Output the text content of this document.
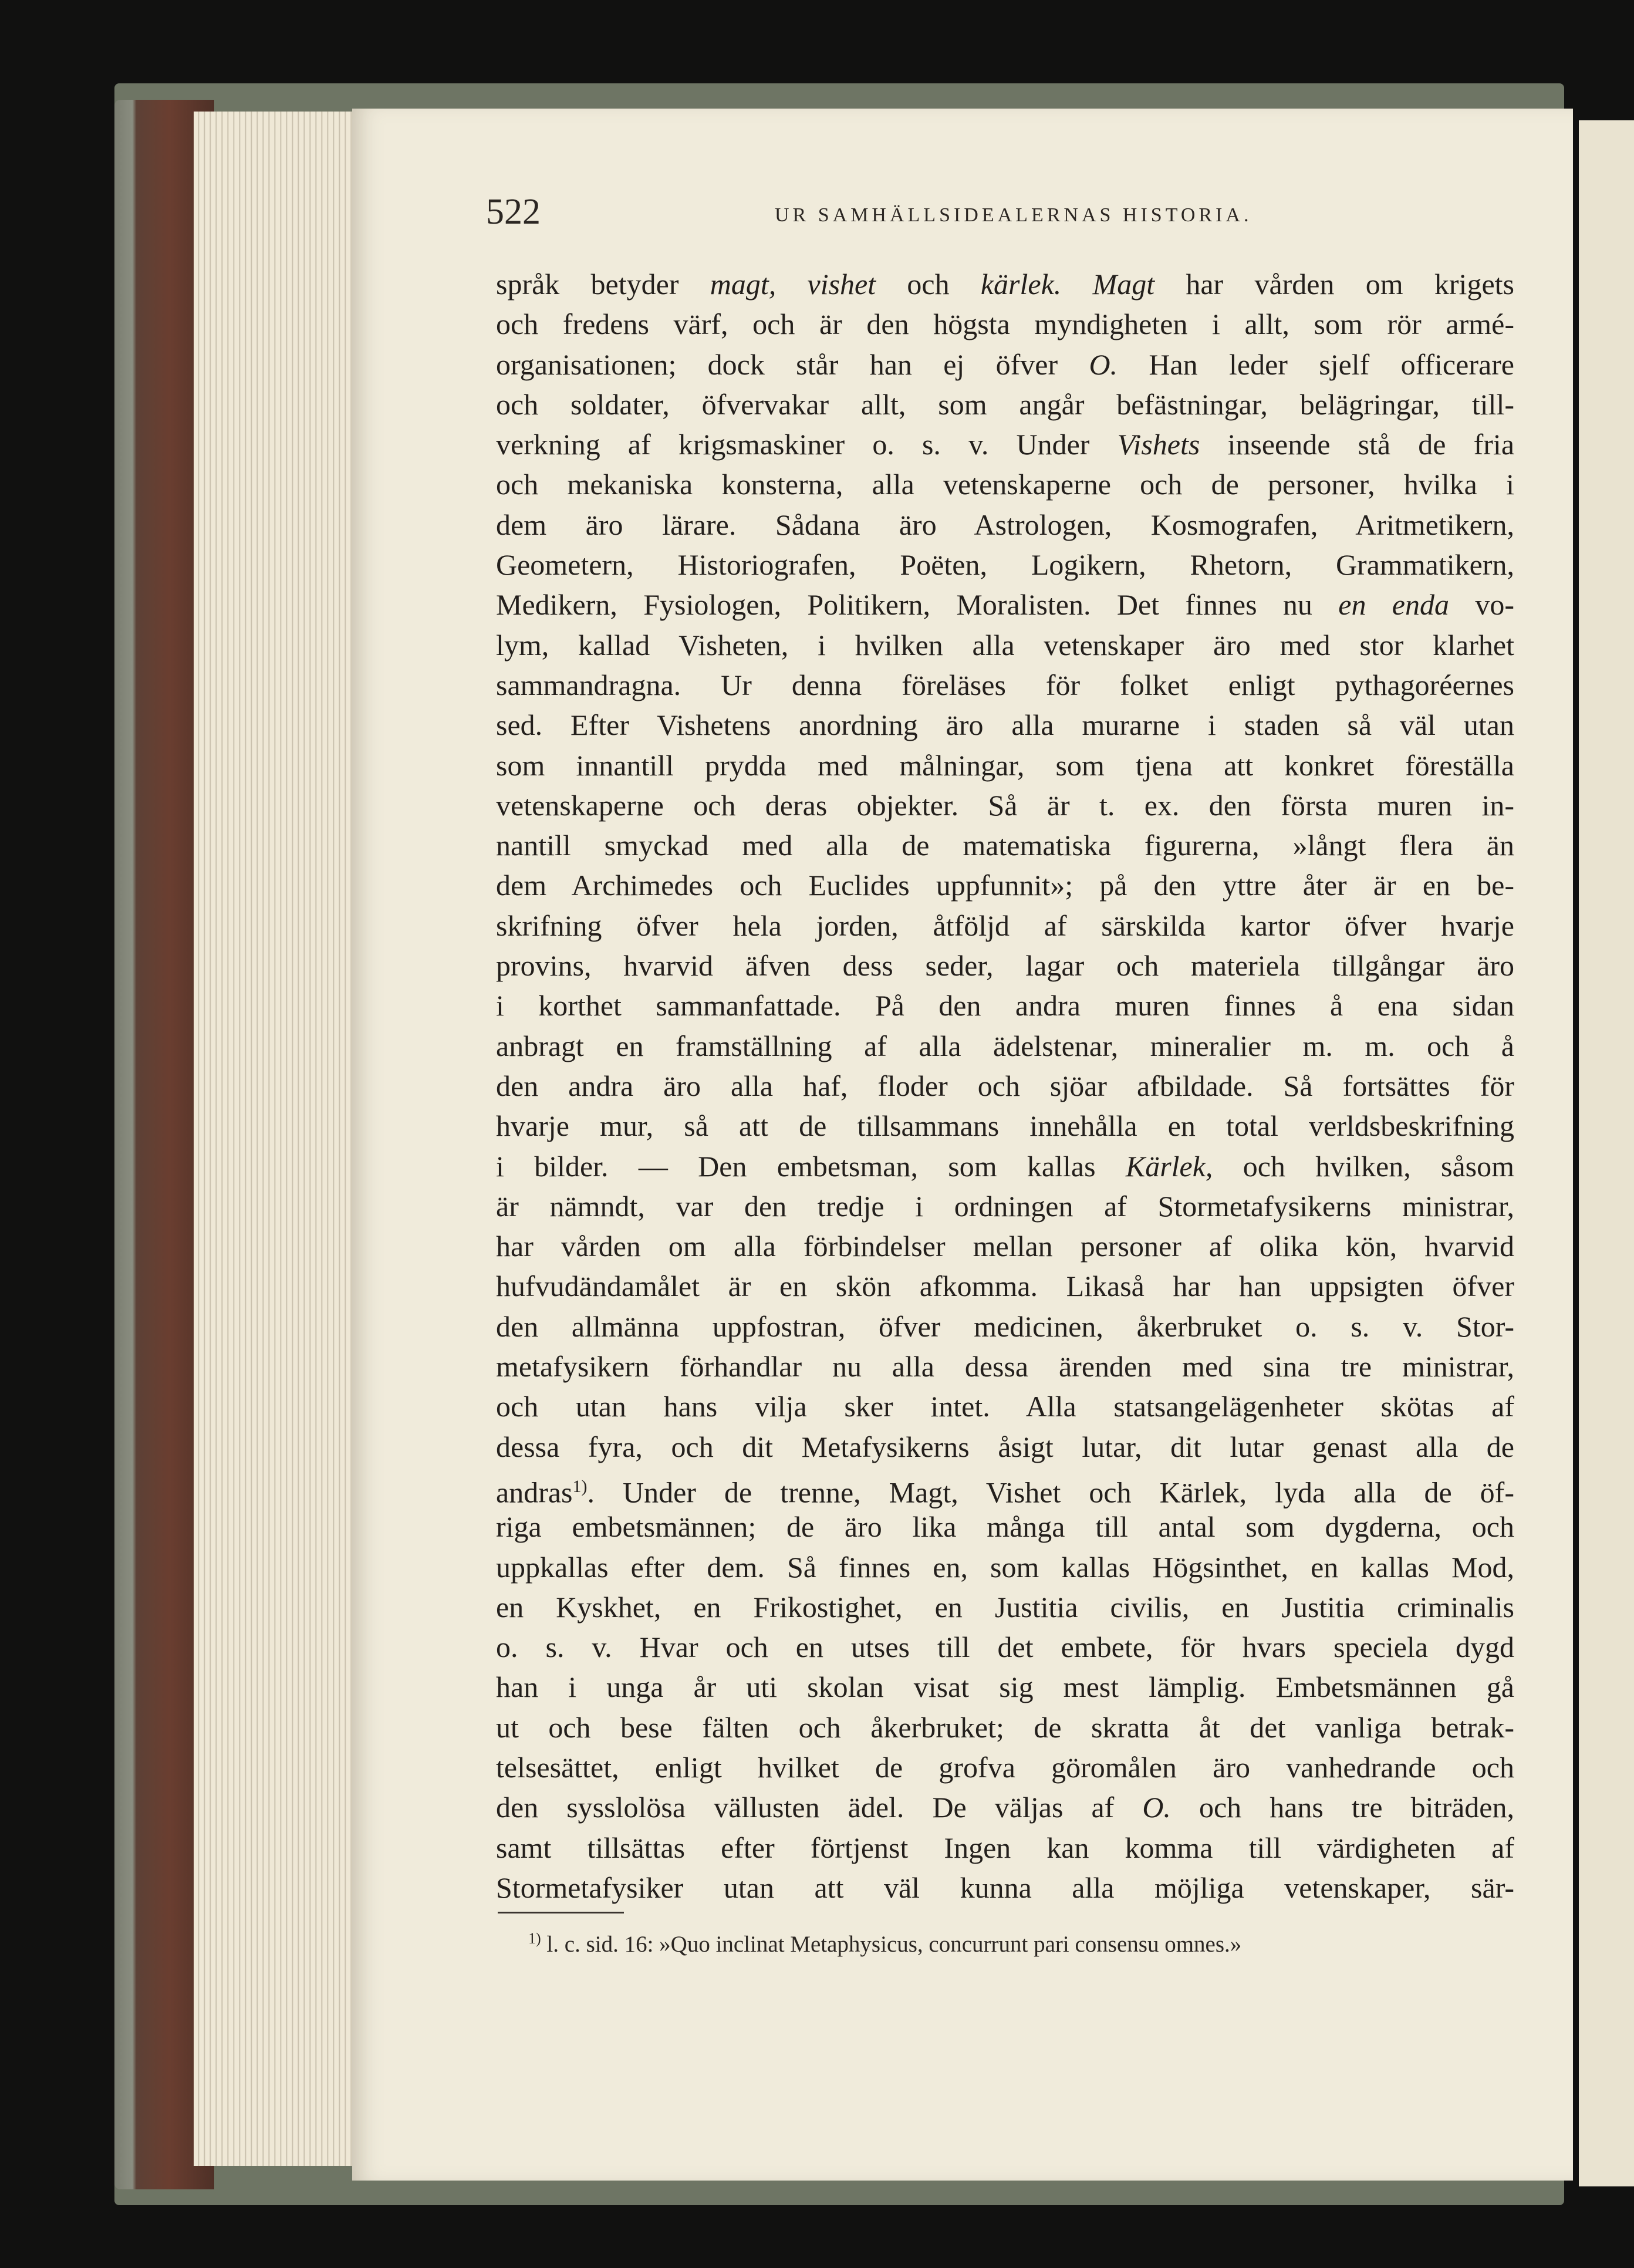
522	UR SAMHÄLLSIDEALERNAS HISTORIA.
språk betyder magt, vishet och kärlek. Magt har vården om krigets
och fredens värf, och är den högsta myndigheten i allt, som rör armé-
organisationen; dock står han ej öfver O. Han leder sjelf officerare
och soldater, öfvervakar allt, som angår befästningar, belägringar, till-
verkning af krigsmaskiner o. s. v. Under Vishets inseende stå de fria
och mekaniska konsterna, alla vetenskaperne och de personer, hvilka i
dem äro lärare. Sådana äro Astrologen, Kosmografen, Aritmetikern,
Geometern, Historiografen, Poëten, Logikern, Rhetorn, Grammatikern,
Medikern, Fysiologen, Politikern, Moralisten. Det finnes nu en enda vo-
lym, kallad Visheten, i hvilken alla vetenskaper äro med stor klarhet
sammandragna. Ur denna föreläses för folket enligt pythagoréernes
sed. Efter Vishetens anordning äro alla murarne i staden så väl utan
som innantill prydda med målningar, som tjena att konkret föreställa
vetenskaperne och deras objekter. Så är t. ex. den första muren in-
nantill smyckad med alla de matematiska figurerna, »långt flera än
dem Archimedes och Euclides uppfunnit»; på den yttre åter är en be-
skrifning öfver hela jorden, åtföljd af särskilda kartor öfver hvarje
provins, hvarvid äfven dess seder, lagar och materiela tillgångar äro
i korthet sammanfattade. På den andra muren finnes å ena sidan
anbragt en framställning af alla ädelstenar, mineralier m. m. och å
den andra äro alla haf, floder och sjöar afbildade. Så fortsättes för
hvarje mur, så att de tillsammans innehålla en total verldsbeskrifning
i bilder. — Den embetsman, som kallas Kärlek, och hvilken, såsom
är nämndt, var den tredje i ordningen af Stormetafysikerns ministrar,
har vården om alla förbindelser mellan personer af olika kön, hvarvid
hufvudändamålet är en skön afkomma. Likaså har han uppsigten öfver
den allmänna uppfostran, öfver medicinen, åkerbruket o. s. v. Stor-
metafysikern förhandlar nu alla dessa ärenden med sina tre ministrar,
och utan hans vilja sker intet. Alla statsangelägenheter skötas af
dessa fyra, och dit Metafysikerns åsigt lutar, dit lutar genast alla de
andras$^{1)}$. Under de trenne, Magt, Vishet och Kärlek, lyda alla de öf-
riga embetsmännen; de äro lika många till antal som dygderna, och
uppkallas efter dem. Så finnes en, som kallas Högsinthet, en kallas Mod,
en Kyskhet, en Frikostighet, en Justitia civilis, en Justitia criminalis
o. s. v. Hvar och en utses till det embete, för hvars speciela dygd
han i unga år uti skolan visat sig mest lämplig. Embetsmännen gå
ut och bese fälten och åkerbruket; de skratta åt det vanliga betrak-
telsesättet, enligt hvilket de grofva göromålen äro vanhedrande och
den sysslolösa vällusten ädel. De väljas af O. och hans tre biträden,
samt tillsättas efter förtjenst Ingen kan komma till värdigheten af
Stormetafysiker utan att väl kunna alla möjliga vetenskaper, sär-
$^{1)}$ l. c. sid. 16: »Quo inclinat Metaphysicus, concurrunt pari consensu omnes.»
